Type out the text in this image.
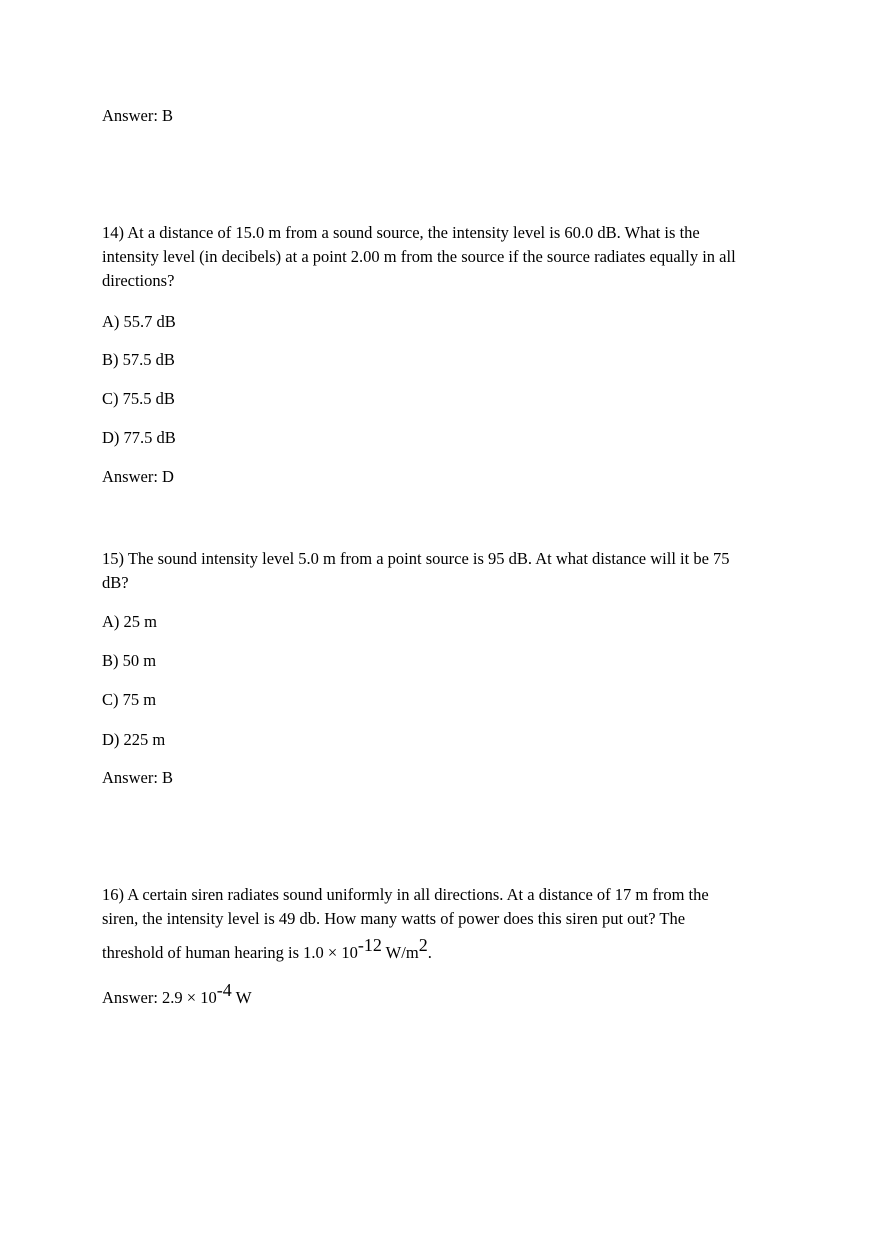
Answer: B
14) At a distance of 15.0 m from a sound source, the intensity level is 60.0 dB. What is the
intensity level (in decibels) at a point 2.00 m from the source if the source radiates equally in all
directions?
A) 55.7 dB
B) 57.5 dB
C) 75.5 dB
D) 77.5 dB
Answer: D
15) The sound intensity level 5.0 m from a point source is 95 dB. At what distance will it be 75
dB?
A) 25 m
B) 50 m
C) 75 m
D) 225 m
Answer: B
16) A certain siren radiates sound uniformly in all directions. At a distance of 17 m from the
siren, the intensity level is 49 db. How many watts of power does this siren put out? The
threshold of human hearing is 1.0 × 10-12 W/m2.
Answer: 2.9 × 10-4 W
